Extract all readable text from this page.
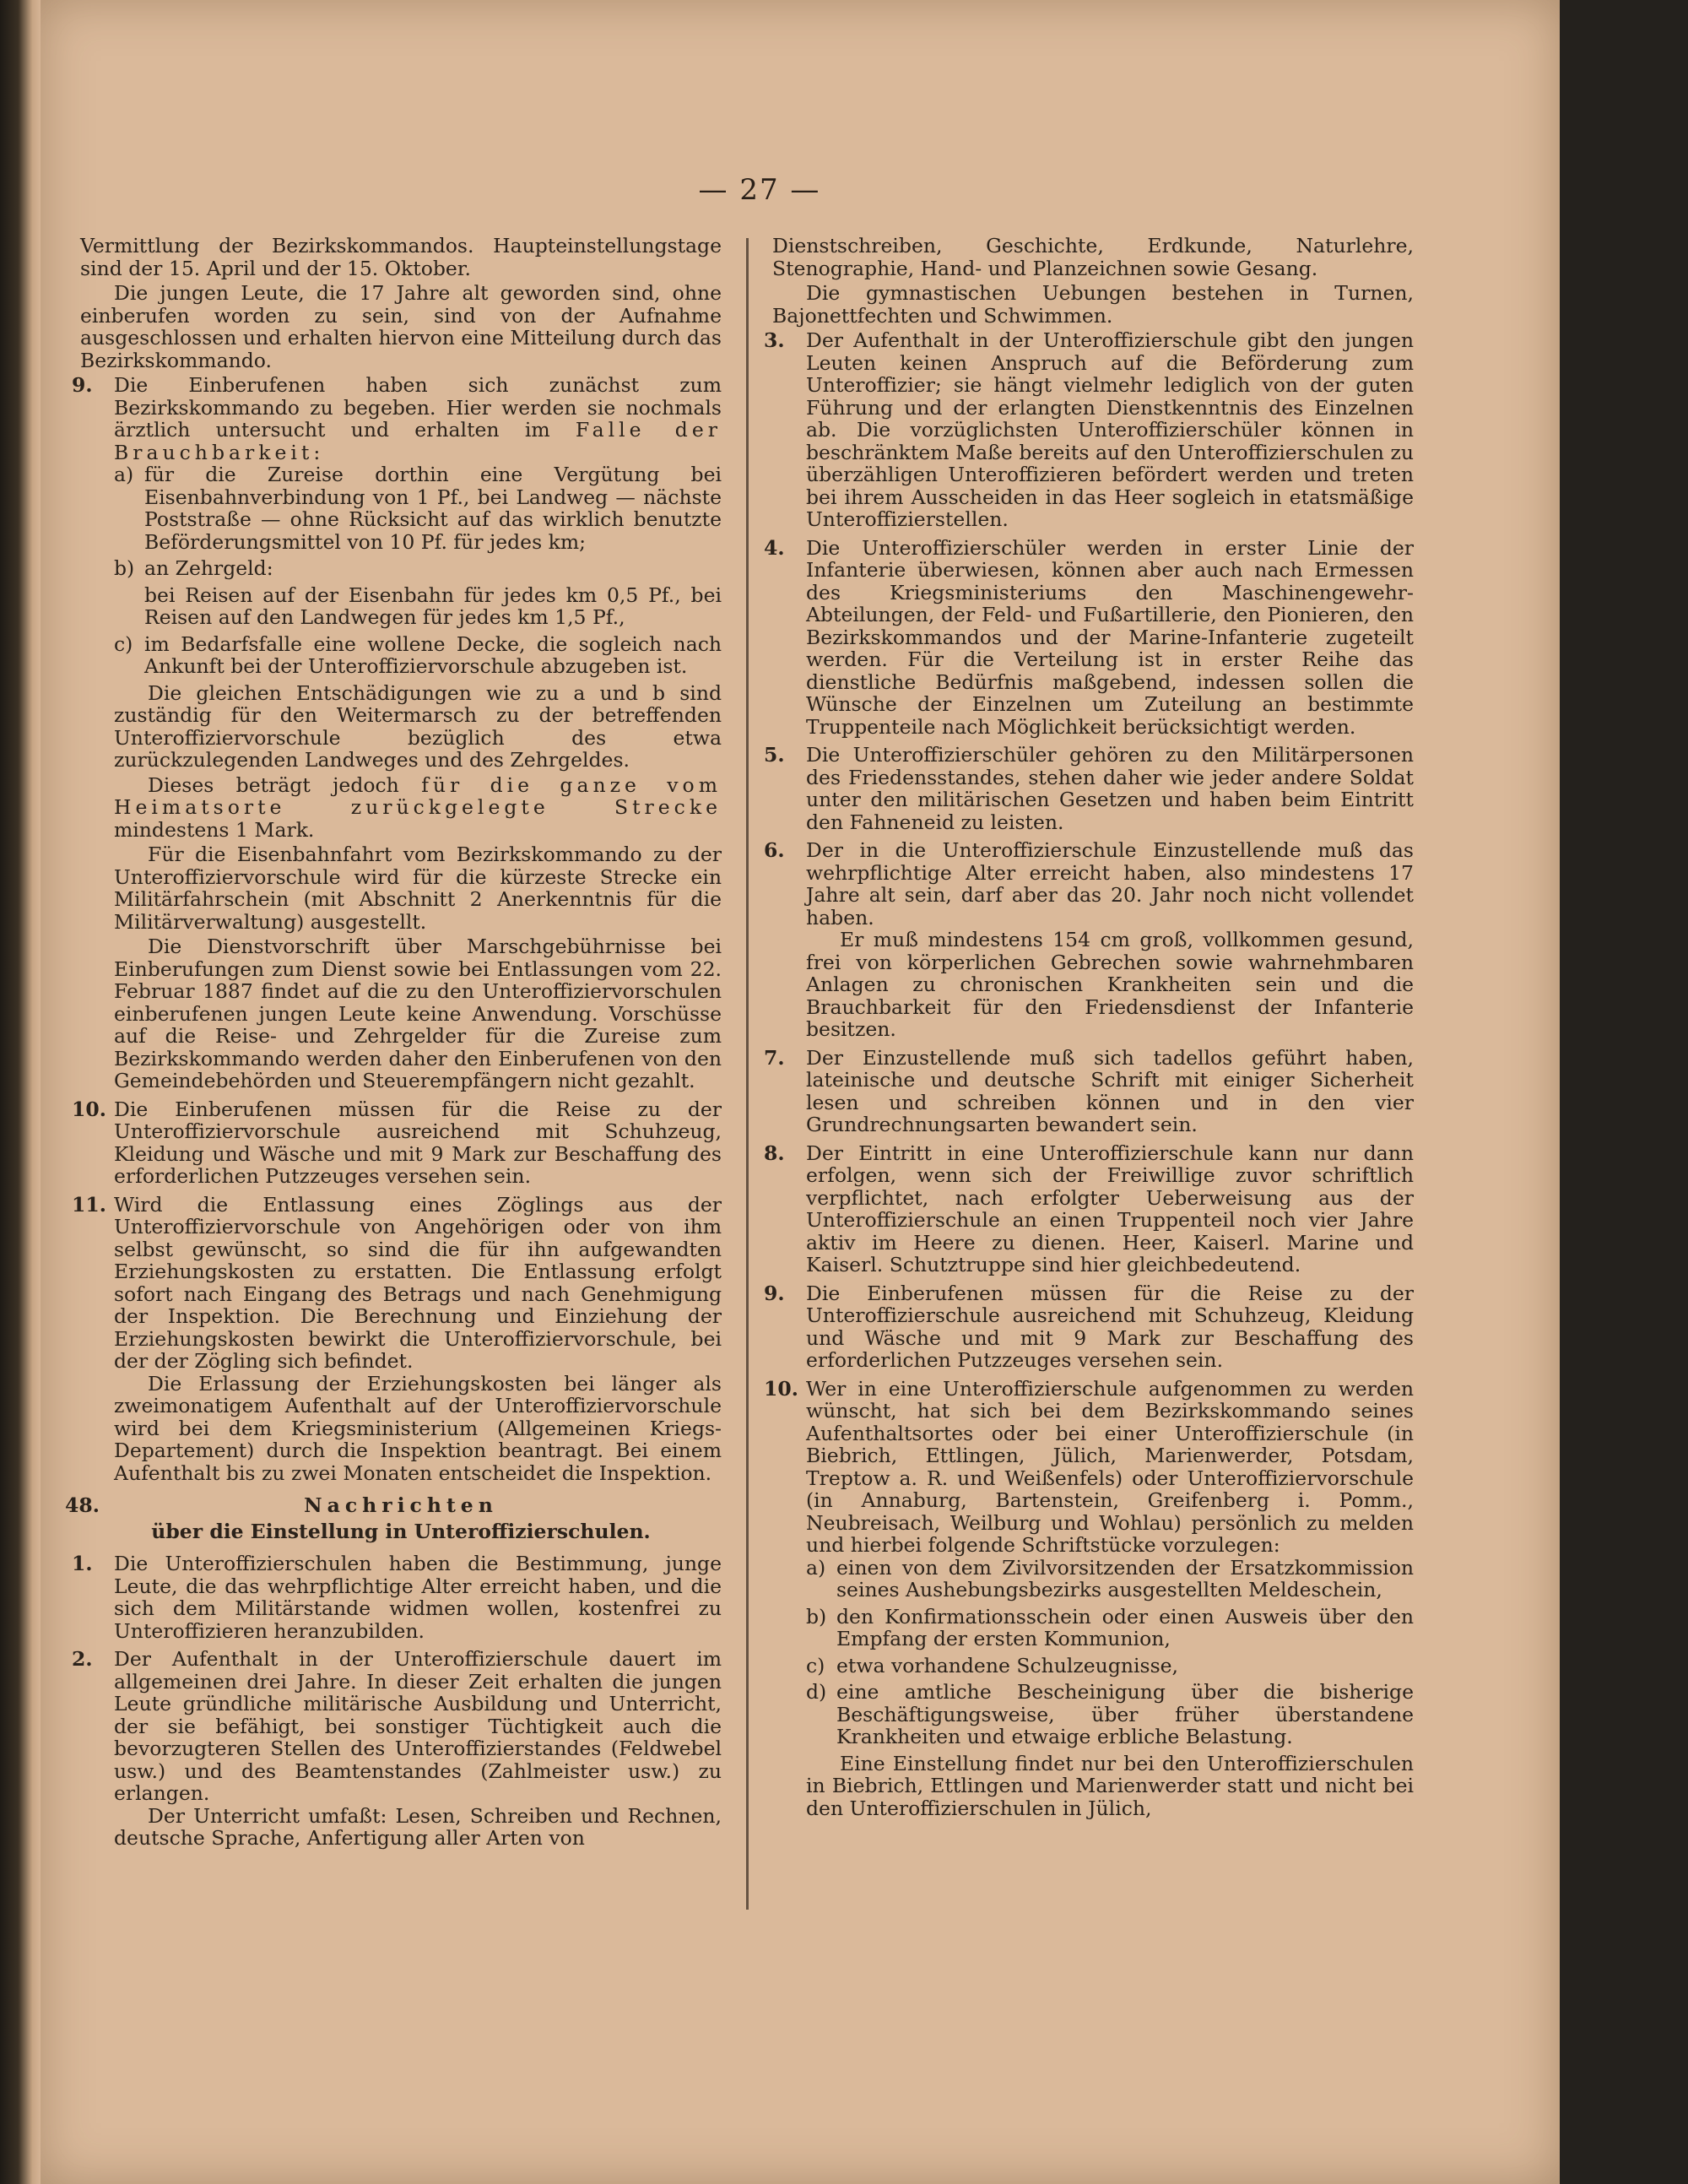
— 27 —

Vermittlung der Bezirkskommandos. Haupteinstellungstage sind der 15. April und der 15. Oktober.

Die jungen Leute, die 17 Jahre alt geworden sind, ohne einberufen worden zu sein, sind von der Aufnahme ausgeschlossen und erhalten hiervon eine Mitteilung durch das Bezirkskommando.

9. Die Einberufenen haben sich zunächst zum Bezirkskommando zu begeben. Hier werden sie nochmals ärztlich untersucht und erhalten im Falle der Brauchbarkeit:
a) für die Zureise dorthin eine Vergütung bei Eisenbahnverbindung von 1 Pf., bei Landweg — nächste Poststraße — ohne Rücksicht auf das wirklich benutzte Beförderungsmittel von 10 Pf. für jedes km;
b) an Zehrgeld:
bei Reisen auf der Eisenbahn für jedes km 0,5 Pf., bei Reisen auf den Landwegen für jedes km 1,5 Pf.,
c) im Bedarfsfalle eine wollene Decke, die sogleich nach Ankunft bei der Unteroffiziervorschule abzugeben ist.

Die gleichen Entschädigungen wie zu a und b sind zuständig für den Weitermarsch zu der betreffenden Unteroffiziervorschule bezüglich des etwa zurückzulegenden Landweges und des Zehrgeldes.

Dieses beträgt jedoch für die ganze vom Heimatsorte zurückgelegte Strecke mindestens 1 Mark.

Für die Eisenbahnfahrt vom Bezirkskommando zu der Unteroffiziervorschule wird für die kürzeste Strecke ein Militärfahrschein (mit Abschnitt 2 Anerkenntnis für die Militärverwaltung) ausgestellt.

Die Dienstvorschrift über Marschgebührnisse bei Einberufungen zum Dienst sowie bei Entlassungen vom 22. Februar 1887 findet auf die zu den Unteroffiziervorschulen einberufenen jungen Leute keine Anwendung. Vorschüsse auf die Reise- und Zehrgelder für die Zureise zum Bezirkskommando werden daher den Einberufenen von den Gemeindebehörden und Steuerempfängern nicht gezahlt.

10. Die Einberufenen müssen für die Reise zu der Unteroffiziervorschule ausreichend mit Schuhzeug, Kleidung und Wäsche und mit 9 Mark zur Beschaffung des erforderlichen Putzzeuges versehen sein.
11. Wird die Entlassung eines Zöglings aus der Unteroffiziervorschule von Angehörigen oder von ihm selbst gewünscht, so sind die für ihn aufgewandten Erziehungskosten zu erstatten. Die Entlassung erfolgt sofort nach Eingang des Betrags und nach Genehmigung der Inspektion. Die Berechnung und Einziehung der Erziehungskosten bewirkt die Unteroffiziervorschule, bei der der Zögling sich befindet.

Die Erlassung der Erziehungskosten bei länger als zweimonatigem Aufenthalt auf der Unteroffiziervorschule wird bei dem Kriegsministerium (Allgemeinen Kriegs-Departement) durch die Inspektion beantragt. Bei einem Aufenthalt bis zu zwei Monaten entscheidet die Inspektion.

48.	Nachrichten
über die Einstellung in Unteroffizierschulen.
1. Die Unteroffizierschulen haben die Bestimmung, junge Leute, die das wehrpflichtige Alter erreicht haben, und die sich dem Militärstande widmen wollen, kostenfrei zu Unteroffizieren heranzubilden.
2. Der Aufenthalt in der Unteroffizierschule dauert im allgemeinen drei Jahre. In dieser Zeit erhalten die jungen Leute gründliche militärische Ausbildung und Unterricht, der sie befähigt, bei sonstiger Tüchtigkeit auch die bevorzugteren Stellen des Unteroffizierstandes (Feldwebel usw.) und des Beamtenstandes (Zahlmeister usw.) zu erlangen.

Der Unterricht umfaßt: Lesen, Schreiben und Rechnen, deutsche Sprache, Anfertigung aller Arten von

Dienstschreiben, Geschichte, Erdkunde, Naturlehre, Stenographie, Hand- und Planzeichnen sowie Gesang.

Die gymnastischen Uebungen bestehen in Turnen, Bajonettfechten und Schwimmen.

3. Der Aufenthalt in der Unteroffizierschule gibt den jungen Leuten keinen Anspruch auf die Beförderung zum Unteroffizier; sie hängt vielmehr lediglich von der guten Führung und der erlangten Dienstkenntnis des Einzelnen ab. Die vorzüglichsten Unteroffizierschüler können in beschränktem Maße bereits auf den Unteroffizierschulen zu überzähligen Unteroffizieren befördert werden und treten bei ihrem Ausscheiden in das Heer sogleich in etatsmäßige Unteroffizierstellen.
4. Die Unteroffizierschüler werden in erster Linie der Infanterie überwiesen, können aber auch nach Ermessen des Kriegsministeriums den Maschinengewehr-Abteilungen, der Feld- und Fußartillerie, den Pionieren, den Bezirkskommandos und der Marine-Infanterie zugeteilt werden. Für die Verteilung ist in erster Reihe das dienstliche Bedürfnis maßgebend, indessen sollen die Wünsche der Einzelnen um Zuteilung an bestimmte Truppenteile nach Möglichkeit berücksichtigt werden.
5. Die Unteroffizierschüler gehören zu den Militärpersonen des Friedensstandes, stehen daher wie jeder andere Soldat unter den militärischen Gesetzen und haben beim Eintritt den Fahneneid zu leisten.
6. Der in die Unteroffizierschule Einzustellende muß das wehrpflichtige Alter erreicht haben, also mindestens 17 Jahre alt sein, darf aber das 20. Jahr noch nicht vollendet haben.

Er muß mindestens 154 cm groß, vollkommen gesund, frei von körperlichen Gebrechen sowie wahrnehmbaren Anlagen zu chronischen Krankheiten sein und die Brauchbarkeit für den Friedensdienst der Infanterie besitzen.

7. Der Einzustellende muß sich tadellos geführt haben, lateinische und deutsche Schrift mit einiger Sicherheit lesen und schreiben können und in den vier Grundrechnungsarten bewandert sein.
8. Der Eintritt in eine Unteroffizierschule kann nur dann erfolgen, wenn sich der Freiwillige zuvor schriftlich verpflichtet, nach erfolgter Ueberweisung aus der Unteroffizierschule an einen Truppenteil noch vier Jahre aktiv im Heere zu dienen. Heer, Kaiserl. Marine und Kaiserl. Schutztruppe sind hier gleichbedeutend.
9. Die Einberufenen müssen für die Reise zu der Unteroffizierschule ausreichend mit Schuhzeug, Kleidung und Wäsche und mit 9 Mark zur Beschaffung des erforderlichen Putzzeuges versehen sein.
10. Wer in eine Unteroffizierschule aufgenommen zu werden wünscht, hat sich bei dem Bezirkskommando seines Aufenthaltsortes oder bei einer Unteroffizierschule (in Biebrich, Ettlingen, Jülich, Marienwerder, Potsdam, Treptow a. R. und Weißenfels) oder Unteroffiziervorschule (in Annaburg, Bartenstein, Greifenberg i. Pomm., Neubreisach, Weilburg und Wohlau) persönlich zu melden und hierbei folgende Schriftstücke vorzulegen:
a) einen von dem Zivilvorsitzenden der Ersatzkommission seines Aushebungsbezirks ausgestellten Meldeschein,
b) den Konfirmationsschein oder einen Ausweis über den Empfang der ersten Kommunion,
c) etwa vorhandene Schulzeugnisse,
d) eine amtliche Bescheinigung über die bisherige Beschäftigungsweise, über früher überstandene Krankheiten und etwaige erbliche Belastung.

Eine Einstellung findet nur bei den Unteroffizierschulen in Biebrich, Ettlingen und Marienwerder statt und nicht bei den Unteroffizierschulen in Jülich,
